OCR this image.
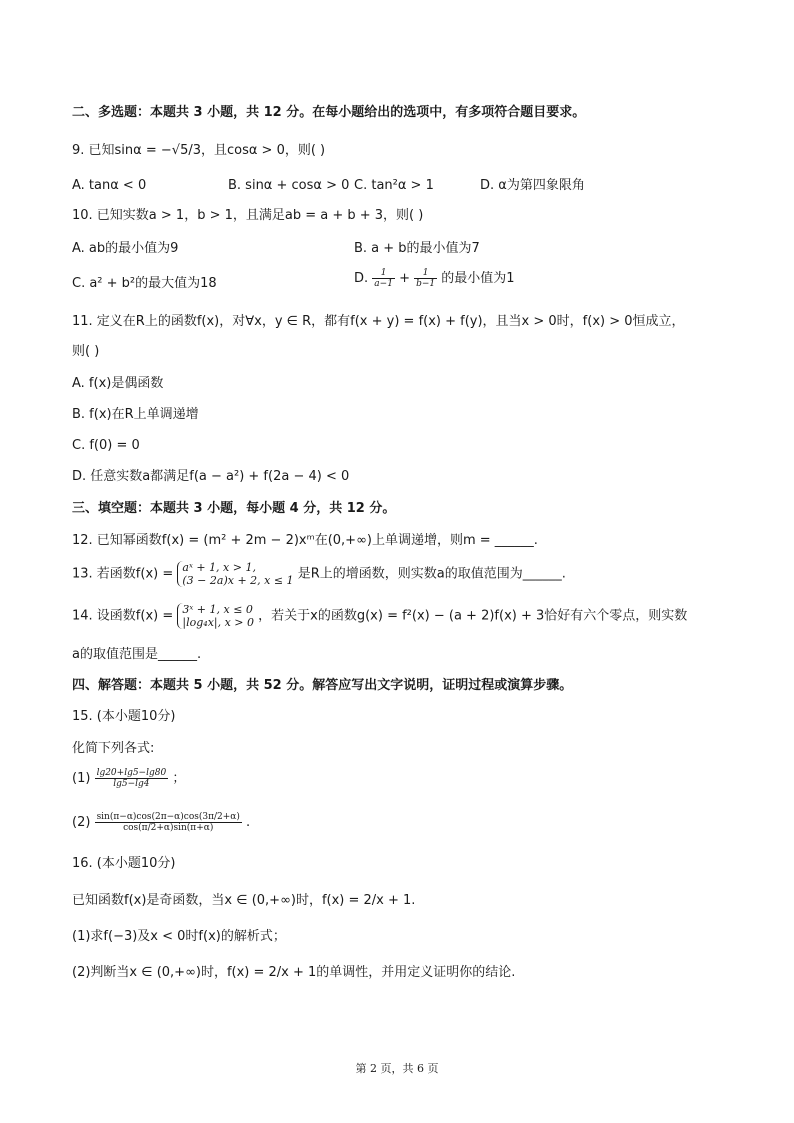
二、多选题：本题共 3 小题，共 12 分。在每小题给出的选项中，有多项符合题目要求。
9. 已知sinα = −√5/3，且cosα > 0，则( )
A. tanα < 0	B. sinα + cosα > 0 C. tan²α > 1	D. α为第四象限角
10. 已知实数a > 1，b > 1，且满足ab = a + b + 3，则( )
A. ab的最小值为9	B. a + b的最小值为7
C. a² + b²的最大值为18	D. $\frac{1}{a-1} + \frac{1}{b-1}$ 的最小值为1
11. 定义在R上的函数f(x)，对∀x，y ∈ R，都有f(x + y) = f(x) + f(y)，且当x > 0时，f(x) > 0恒成立，
则( )
A. f(x)是偶函数
B. f(x)在R上单调递增
C. f(0) = 0
D. 任意实数a都满足f(a − a²) + f(2a − 4) < 0
三、填空题：本题共 3 小题，每小题 4 分，共 12 分。
12. 已知幂函数f(x) = (m² + 2m − 2)xᵐ在(0,+∞)上单调递增，则m = ______.
13. 若函数f(x) = aˣ + 1, x > 1,
(3 − 2a)x + 2, x ≤ 1 是R上的增函数，则实数a的取值范围为______.
14. 设函数f(x) = 3ˣ + 1, x ≤ 0
|log₄x|, x > 0 ，若关于x的函数g(x) = f²(x) − (a + 2)f(x) + 3恰好有六个零点，则实数
a的取值范围是______.
四、解答题：本题共 5 小题，共 52 分。解答应写出文字说明，证明过程或演算步骤。
15. (本小题10分)
化简下列各式:
$(1) \frac{\lg 20+\lg 5-\lg 80}{\lg 5-\lg 4}$ ；
$(2) \frac{\sin(\pi-\alpha)\cos(2\pi-\alpha)\cos(3\pi/2+\alpha)}{\cos(\pi/2+\alpha)\sin(\pi+\alpha)}$ .
16. (本小题10分)
已知函数f(x)是奇函数，当x ∈ (0,+∞)时，f(x) = 2/x + 1.
(1)求f(−3)及x < 0时f(x)的解析式；
(2)判断当x ∈ (0,+∞)时，f(x) = 2/x + 1的单调性，并用定义证明你的结论.
第 2 页，共 6 页
